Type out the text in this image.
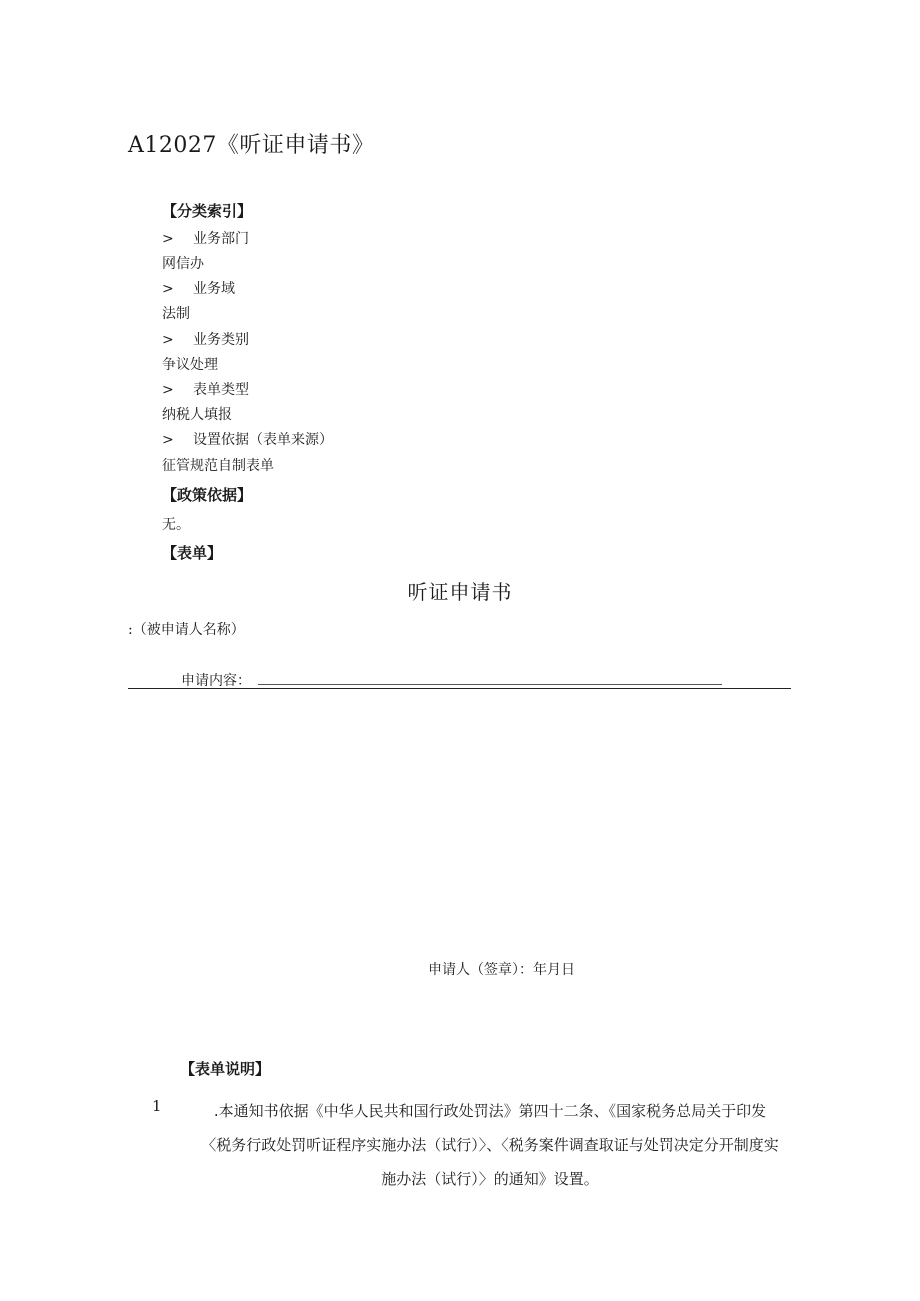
A12027《听证申请书》
【分类索引】
> 业务部门
网信办
> 业务域
法制
> 业务类别
争议处理
> 表单类型
纳税人填报
> 设置依据（表单来源）
征管规范自制表单
【政策依据】
无。
【表单】
听证申请书
:（被申请人名称）
申请内容：
申请人（签章）：年月日
【表单说明】
1	.本通知书依据《中华人民共和国行政处罚法》第四十二条、《国家税务总局关于印发〈税务行政处罚听证程序实施办法（试行）〉、〈税务案件调查取证与处罚决定分开制度实施办法（试行）〉的通知》设置。
